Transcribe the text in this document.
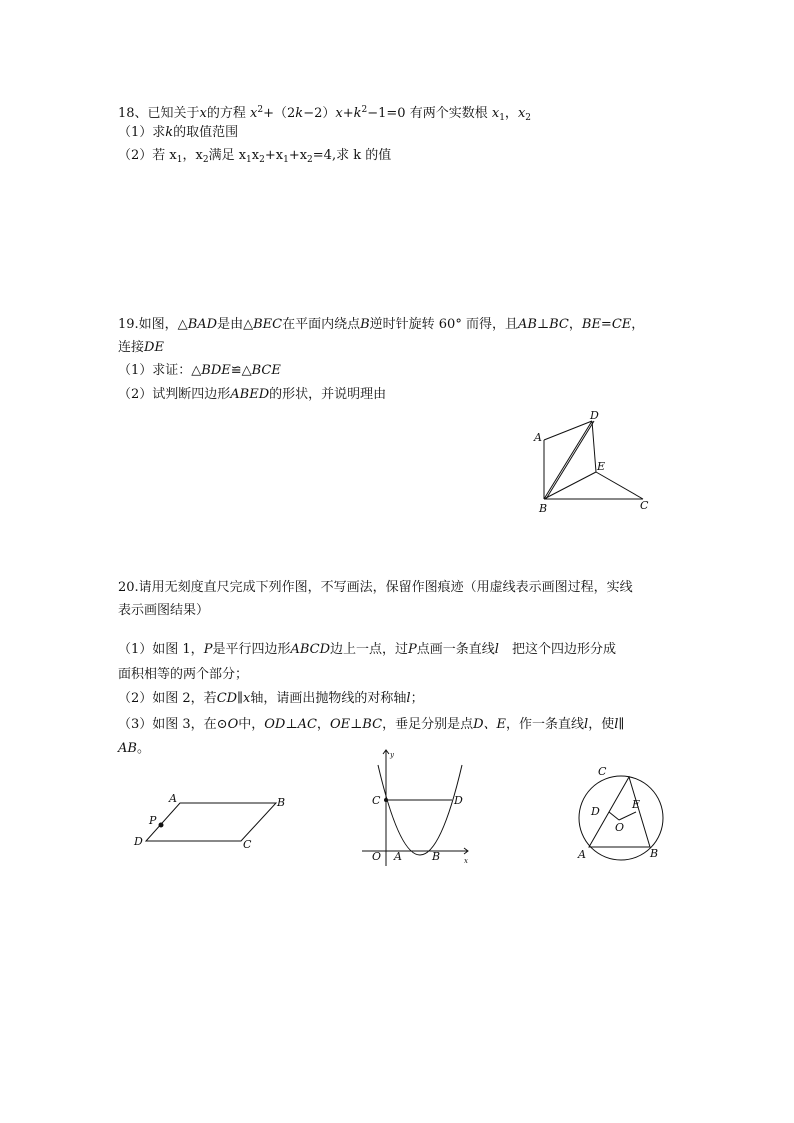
18、已知关于x的方程 $x^2+(2k-2)x+k^2-1=0$ 有两个实数根 $x_1$，$x_2$
（1）求k的取值范围
（2）若 $x_1$，$x_2$满足 $x_1x_2+x_1+x_2=4$,求 k 的值
19.如图，△BAD是由△BEC在平面内绕点B逆时针旋转 60° 而得，且AB⊥BC，BE=CE，
连接DE
（1）求证：△BDE≌△BCE
（2）试判断四边形ABED的形状，并说明理由
A
D
E
B	C
20.请用无刻度直尺完成下列作图，不写画法，保留作图痕迹（用虚线表示画图过程，实线
表示画图结果）
（1）如图 1，P是平行四边形ABCD边上一点，过P点画一条直线l　把这个四边形分成
面积相等的两个部分；
（2）如图 2，若CD∥x轴，请画出抛物线的对称轴l；
（3）如图 3，在⊙O中，OD⊥AC，OE⊥BC，垂足分别是点D、E，作一条直线l，使l∥
AB。
A	B
P
D	C
y
x
C	D
O A	B
C
D
E
O
A	B
